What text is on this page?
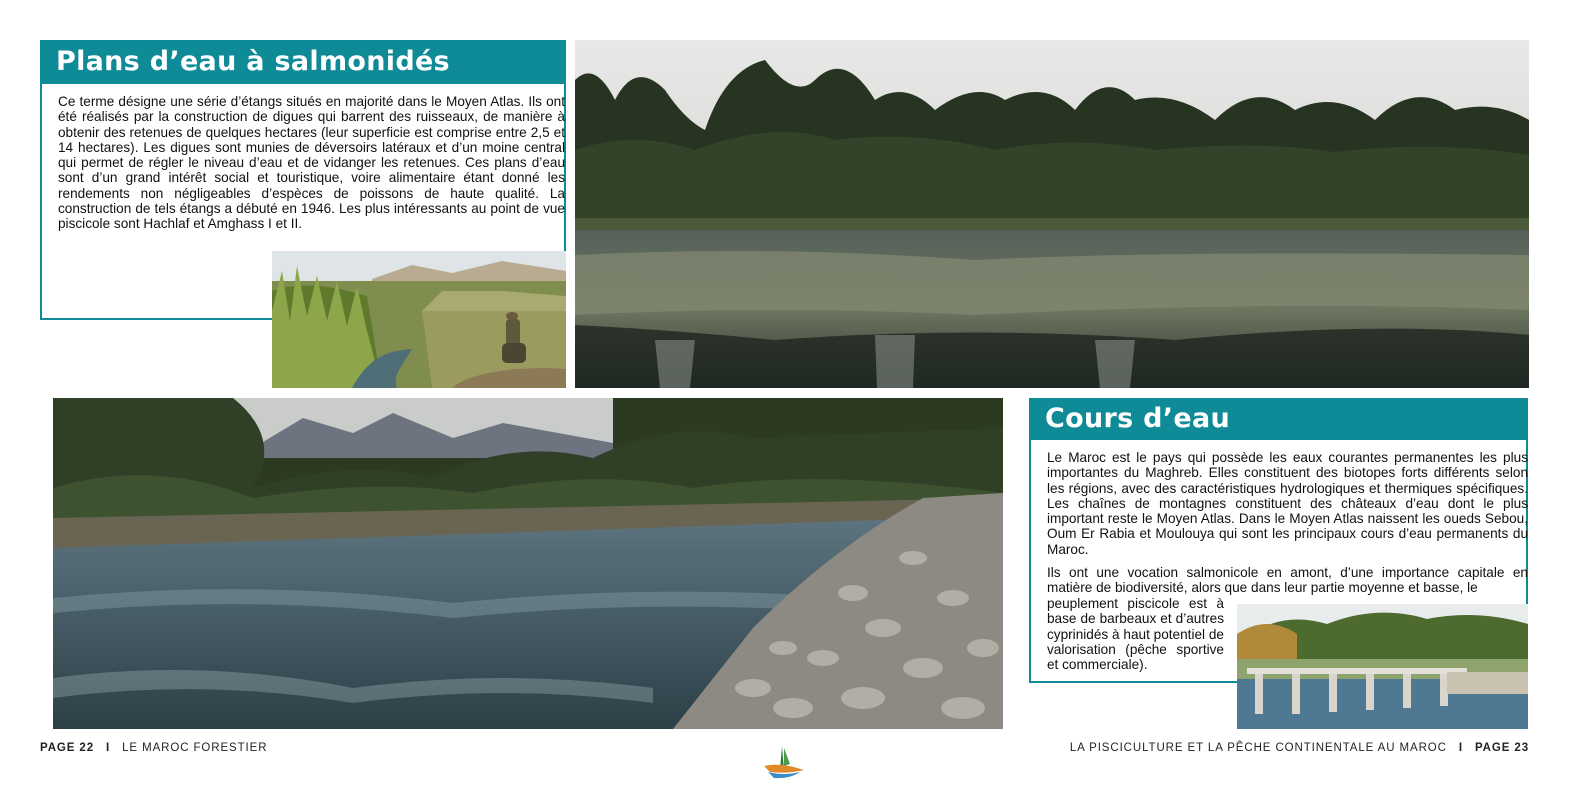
Plans d’eau à salmonidés

Ce terme désigne une série d’étangs situés en majorité dans le Moyen Atlas. Ils ont été réalisés par la construction de digues qui barrent des ruisseaux, de manière à obtenir des retenues de quelques hectares (leur superficie est comprise entre 2,5 et 14 hectares). Les digues sont munies de déversoirs latéraux et d’un moine central qui permet de régler le niveau d’eau et de vidanger les retenues. Ces plans d’eau sont d’un grand intérêt social et touristique, voire alimentaire étant donné les rendements non négligeables d’espèces de poissons de haute qualité. La construction de tels étangs a débuté en 1946. Les plus intéressants au point de vue piscicole sont Hachlaf et Amghass I et II.

Cours d’eau

Le Maroc est le pays qui possède les eaux courantes permanentes les plus importantes du Maghreb. Elles constituent des biotopes forts différents selon les régions, avec des caractéristiques hydrologiques et thermiques spécifiques. Les chaînes de montagnes constituent des châteaux d’eau dont le plus important reste le Moyen Atlas. Dans le Moyen Atlas naissent les oueds Sebou, Oum Er Rabia et Moulouya qui sont les principaux cours d’eau permanents du Maroc.

Ils ont une vocation salmonicole en amont, d’une importance capitale en matière de biodiversité, alors que dans leur partie moyenne et basse, le

peuplement piscicole est à base de barbeaux et d’autres cyprinidés à haut potentiel de valorisation (pêche sportive et commerciale).

PAGE 22 I LE MAROC FORESTIER	LA PISCICULTURE ET LA PÊCHE CONTINENTALE AU MAROC I PAGE 23
